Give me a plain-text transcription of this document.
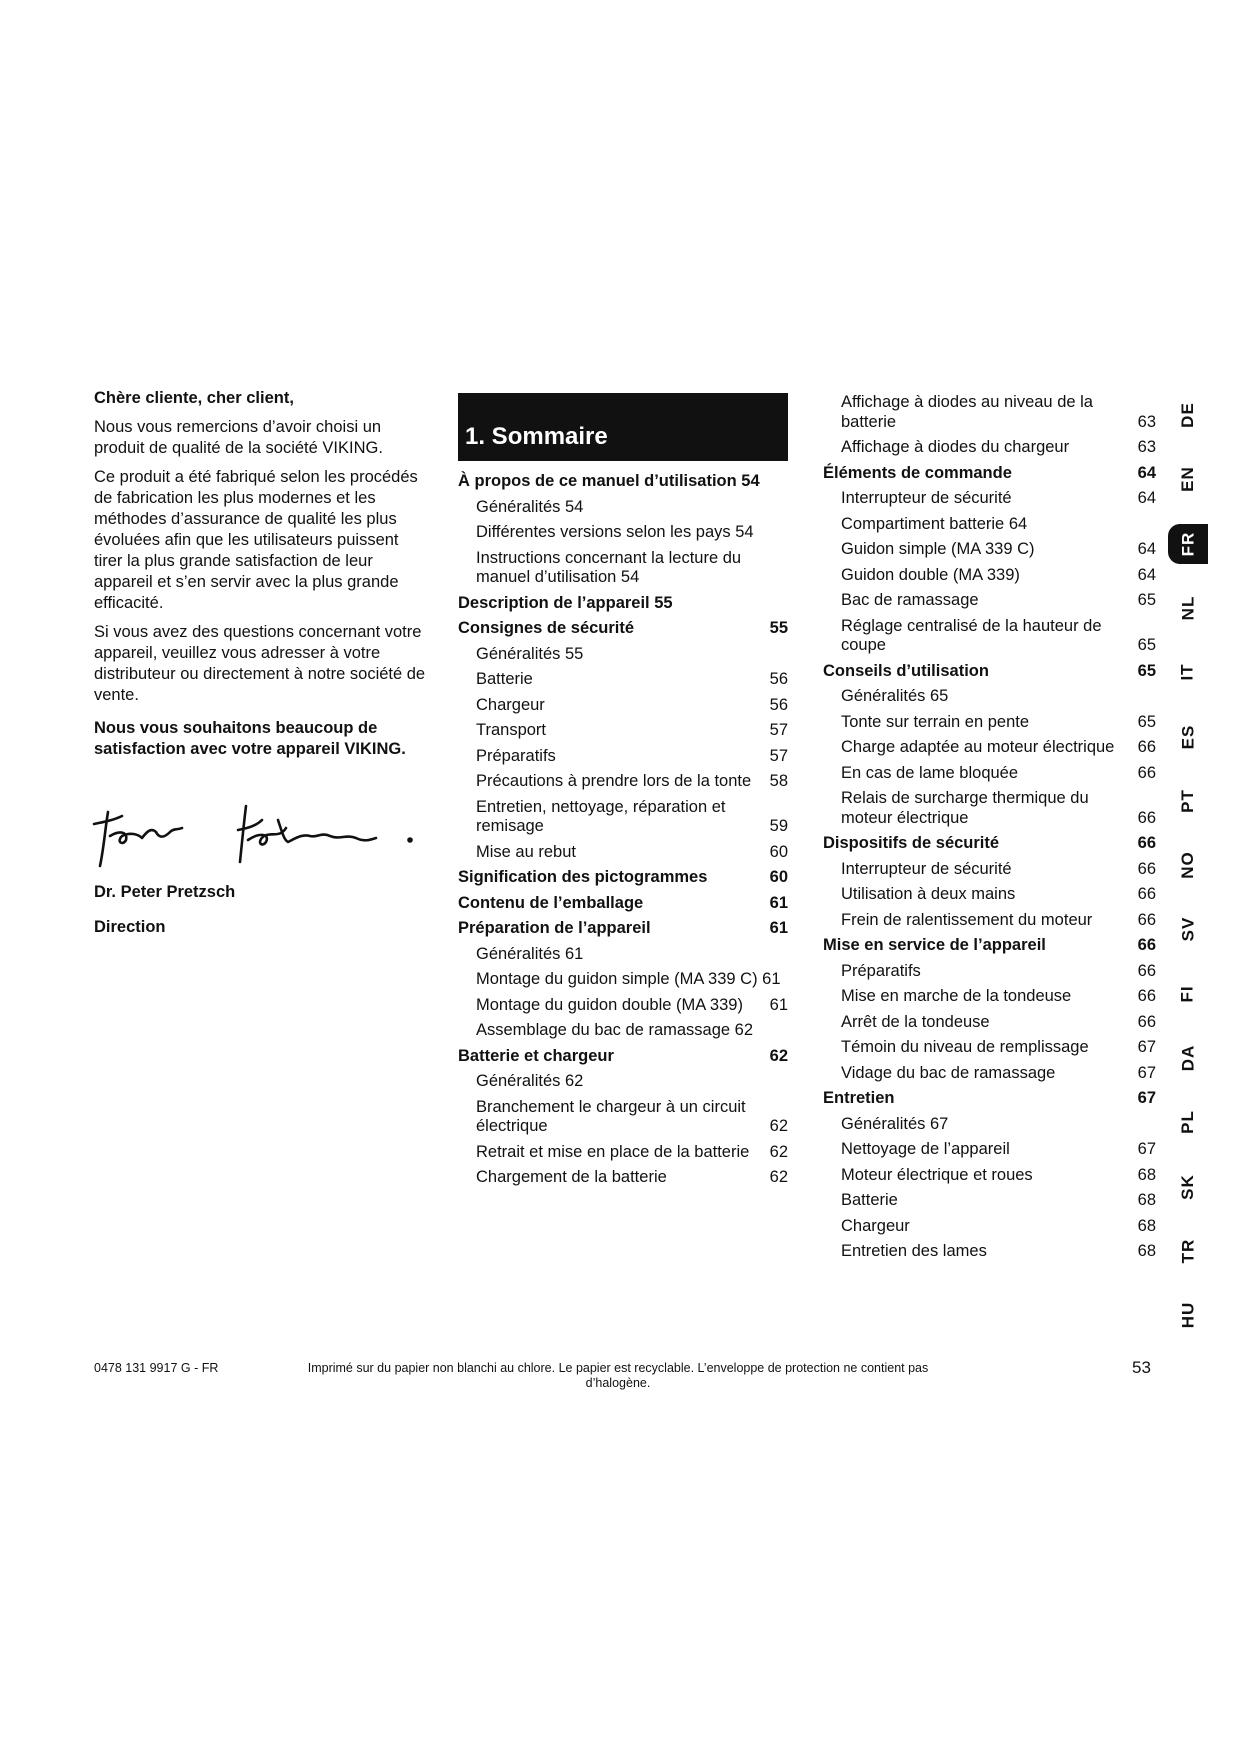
Chère cliente, cher client,

Nous vous remercions d’avoir choisi un produit de qualité de la société VIKING.

Ce produit a été fabriqué selon les procédés de fabrication les plus modernes et les méthodes d’assurance de qualité les plus évoluées afin que les utilisateurs puissent tirer la plus grande satisfaction de leur appareil et s’en servir avec la plus grande efficacité.

Si vous avez des questions concernant votre appareil, veuillez vous adresser à votre distributeur ou directement à notre société de vente.

Nous vous souhaitons beaucoup de satisfaction avec votre appareil VIKING.

Dr. Peter Pretzsch

Direction

1. Sommaire
À propos de ce manuel d’utilisation 54
Généralités 54
Différentes versions selon les pays 54
Instructions concernant la lecture du manuel d’utilisation 54
Description de l’appareil 55
Consignes de sécurité	55
Généralités 55
Batterie	56
Chargeur	56
Transport	57
Préparatifs	57
Précautions à prendre lors de la tonte	58
Entretien, nettoyage, réparation et remisage	59
Mise au rebut	60
Signification des pictogrammes	60
Contenu de l’emballage	61
Préparation de l’appareil	61
Généralités 61
Montage du guidon simple (MA 339 C) 61
Montage du guidon double (MA 339)	61
Assemblage du bac de ramassage 62
Batterie et chargeur	62
Généralités 62
Branchement le chargeur à un circuit électrique	62
Retrait et mise en place de la batterie	62
Chargement de la batterie	62
Affichage à diodes au niveau de la batterie	63
Affichage à diodes du chargeur	63
Éléments de commande	64
Interrupteur de sécurité	64
Compartiment batterie 64
Guidon simple (MA 339 C)	64
Guidon double (MA 339)	64
Bac de ramassage	65
Réglage centralisé de la hauteur de coupe	65
Conseils d’utilisation	65
Généralités 65
Tonte sur terrain en pente	65
Charge adaptée au moteur électrique	66
En cas de lame bloquée	66
Relais de surcharge thermique du moteur électrique	66
Dispositifs de sécurité	66
Interrupteur de sécurité	66
Utilisation à deux mains	66
Frein de ralentissement du moteur	66
Mise en service de l’appareil	66
Préparatifs	66
Mise en marche de la tondeuse	66
Arrêt de la tondeuse	66
Témoin du niveau de remplissage	67
Vidage du bac de ramassage	67
Entretien	67
Généralités 67
Nettoyage de l’appareil	67
Moteur électrique et roues	68
Batterie	68
Chargeur	68
Entretien des lames	68
DE
EN
FR
NL
IT
ES
PT
NO
SV
FI
DA
PL
SK
TR
HU
0478 131 9917 G - FR	Imprimé sur du papier non blanchi au chlore. Le papier est recyclable. L’enveloppe de protection ne contient pas d’halogène.
53
